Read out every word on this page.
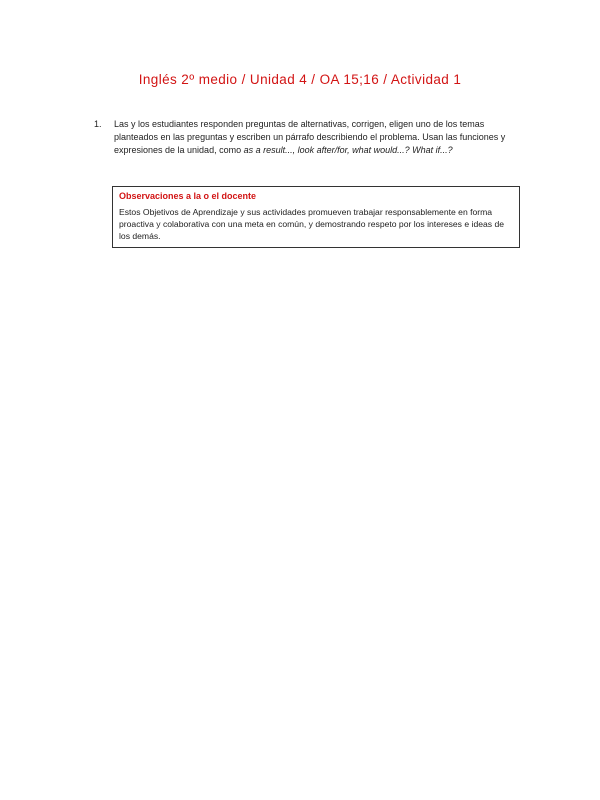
Inglés 2º medio / Unidad 4 / OA 15;16 / Actividad 1
1. Las y los estudiantes responden preguntas de alternativas, corrigen, eligen uno de los temas planteados en las preguntas y escriben un párrafo describiendo el problema. Usan las funciones y expresiones de la unidad, como as a result..., look after/for, what would...? What if...?
Observaciones a la o el docente
Estos Objetivos de Aprendizaje y sus actividades promueven trabajar responsablemente en forma proactiva y colaborativa con una meta en común, y demostrando respeto por los intereses e ideas de los demás.
